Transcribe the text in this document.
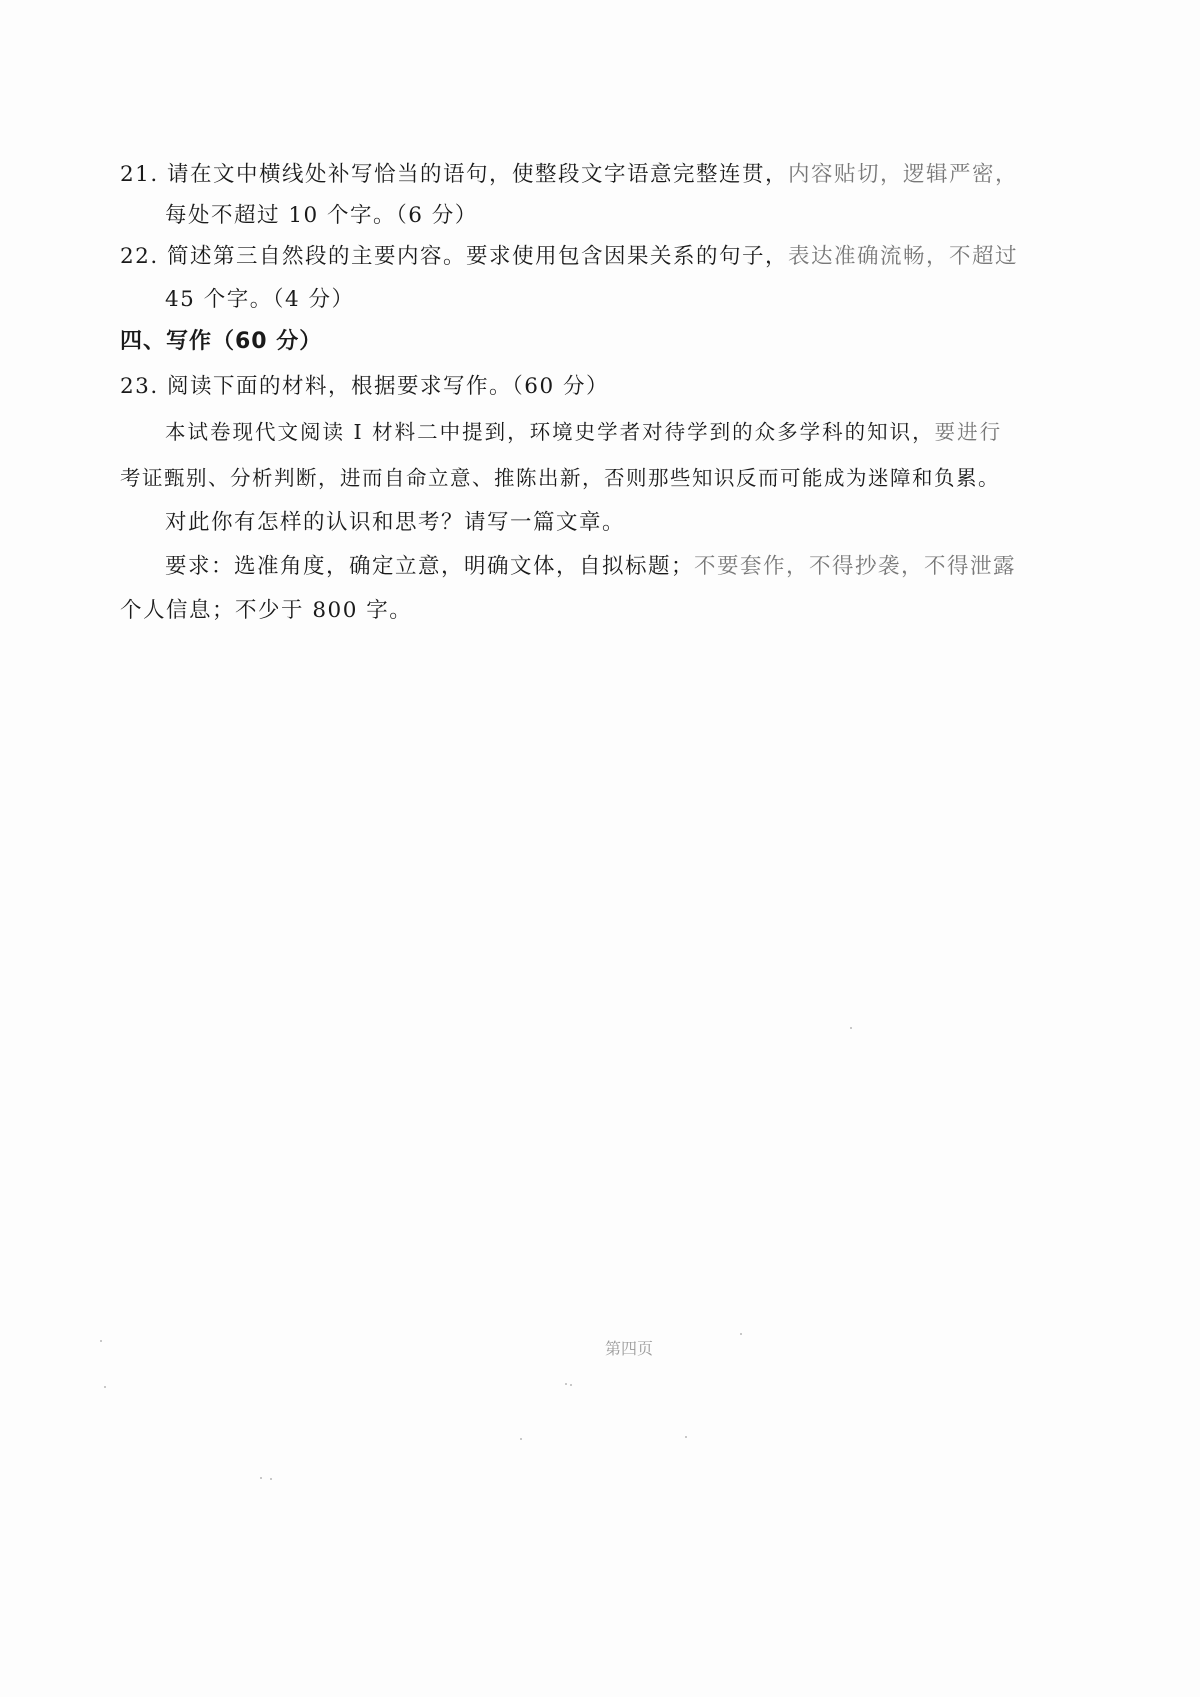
21. 请在文中横线处补写恰当的语句，使整段文字语意完整连贯，内容贴切，逻辑严密，
每处不超过 10 个字。（6 分）
22. 简述第三自然段的主要内容。要求使用包含因果关系的句子，表达准确流畅，不超过
45 个字。（4 分）
四、写作（60 分）
23. 阅读下面的材料，根据要求写作。（60 分）
本试卷现代文阅读 Ⅰ 材料二中提到，环境史学者对待学到的众多学科的知识，要进行
考证甄别、分析判断，进而自命立意、推陈出新，否则那些知识反而可能成为迷障和负累。
对此你有怎样的认识和思考？请写一篇文章。
要求：选准角度，确定立意，明确文体，自拟标题；不要套作，不得抄袭，不得泄露
个人信息；不少于 800 字。
第四页
